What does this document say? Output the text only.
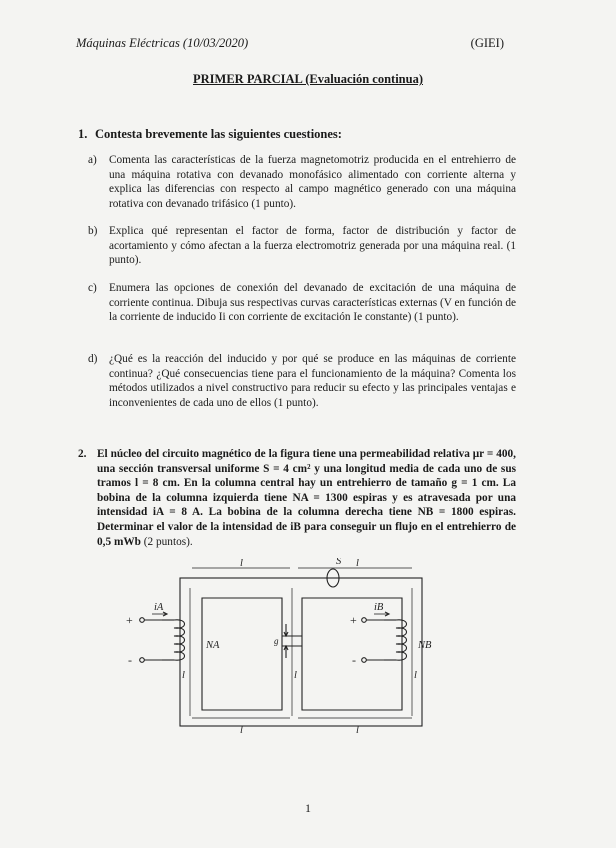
Máquinas Eléctricas (10/03/2020)	(GIEI)
PRIMER PARCIAL (Evaluación continua)
1. Contesta brevemente las siguientes cuestiones:
a) Comenta las características de la fuerza magnetomotriz producida en el entrehierro de una máquina rotativa con devanado monofásico alimentado con corriente alterna y explica las diferencias con respecto al campo magnético generado con una máquina rotativa con devanado trifásico (1 punto).
b) Explica qué representan el factor de forma, factor de distribución y factor de acortamiento y cómo afectan a la fuerza electromotriz generada por una máquina real. (1 punto).
c) Enumera las opciones de conexión del devanado de excitación de una máquina de corriente continua. Dibuja sus respectivas curvas características externas (V en función de la corriente de inducido Ii con corriente de excitación Ie constante) (1 punto).
d) ¿Qué es la reacción del inducido y por qué se produce en las máquinas de corriente continua? ¿Qué consecuencias tiene para el funcionamiento de la máquina? Comenta los métodos utilizados a nivel constructivo para reducir su efecto y las principales ventajas e inconvenientes de cada uno de ellos (1 punto).
2. El núcleo del circuito magnético de la figura tiene una permeabilidad relativa μr = 400, una sección transversal uniforme S = 4 cm² y una longitud media de cada uno de sus tramos l = 8 cm. En la columna central hay un entrehierro de tamaño g = 1 cm. La bobina de la columna izquierda tiene NA = 1300 espiras y es atravesada por una intensidad iA = 8 A. La bobina de la columna derecha tiene NB = 1800 espiras. Determinar el valor de la intensidad de iB para conseguir un flujo en el entrehierro de 0,5 mWb (2 puntos).
S
l	l
l	l
l	l	l
g
iA	iB
NA	NB
+
-
+
-
1
